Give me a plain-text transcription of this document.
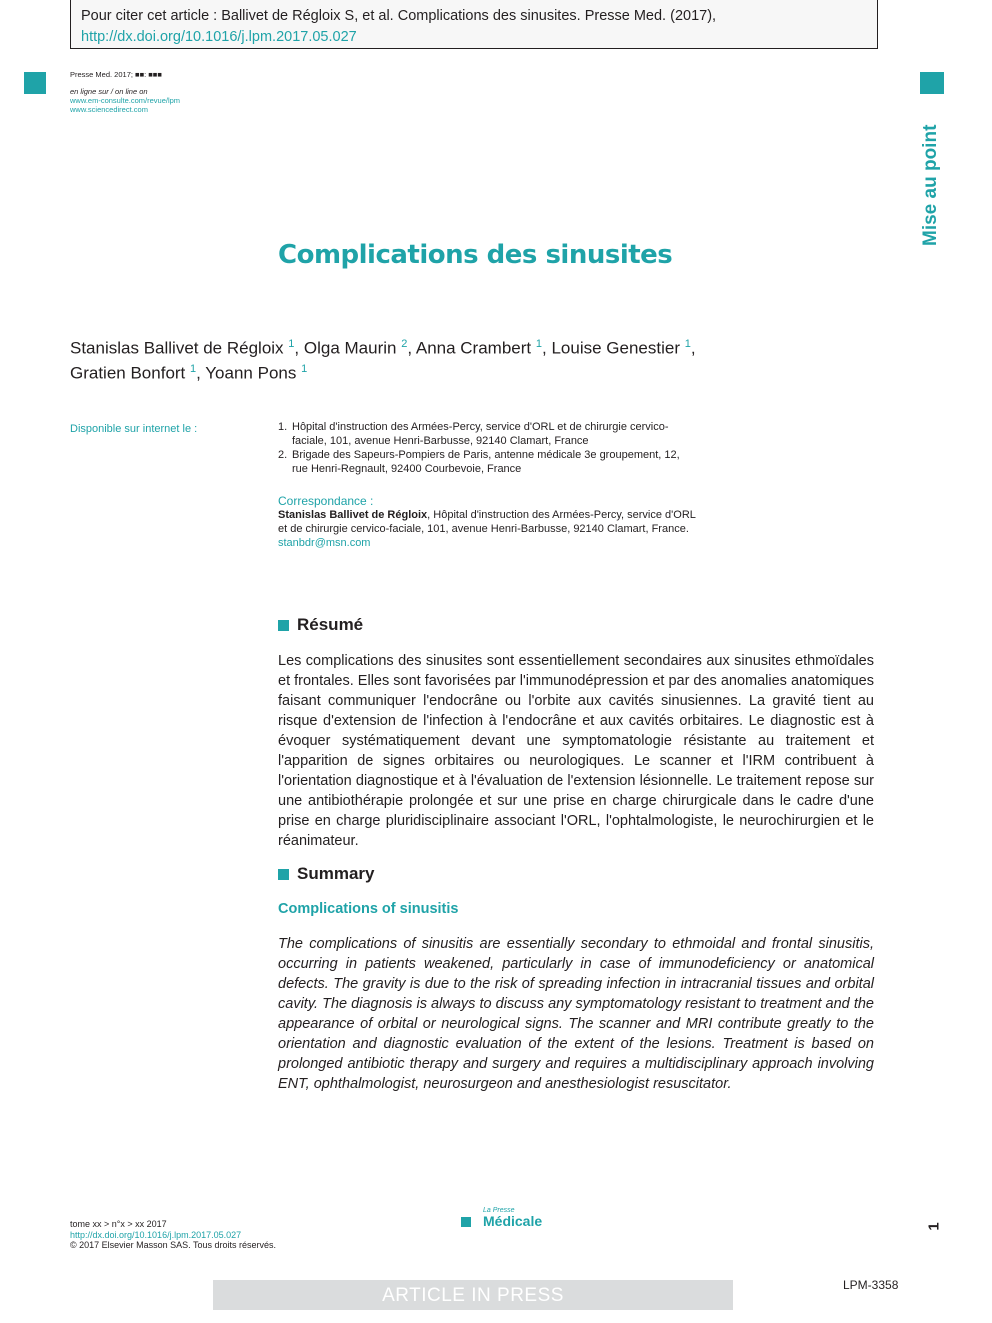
Pour citer cet article : Ballivet de Régloix S, et al. Complications des sinusites. Presse Med. (2017), http://dx.doi.org/10.1016/j.lpm.2017.05.027
Presse Med. 2017; ■■: ■■■
en ligne sur / on line on
www.em-consulte.com/revue/lpm
www.sciencedirect.com
Mise au point
Complications des sinusites
Stanislas Ballivet de Régloix $^1$, Olga Maurin $^2$, Anna Crambert $^1$, Louise Genestier $^1$,
Gratien Bonfort $^1$, Yoann Pons $^1$
Disponible sur internet le :	1. Hôpital d'instruction des Armées-Percy, service d'ORL et de chirurgie cervico-faciale, 101, avenue Henri-Barbusse, 92140 Clamart, France
2. Brigade des Sapeurs-Pompiers de Paris, antenne médicale 3e groupement, 12, rue Henri-Regnault, 92400 Courbevoie, France
Correspondance :
Stanislas Ballivet de Régloix, Hôpital d'instruction des Armées-Percy, service d'ORL et de chirurgie cervico-faciale, 101, avenue Henri-Barbusse, 92140 Clamart, France.
stanbdr@msn.com
Résumé
Les complications des sinusites sont essentiellement secondaires aux sinusites ethmoïdales et frontales. Elles sont favorisées par l'immunodépression et par des anomalies anatomiques faisant communiquer l'endocrâne ou l'orbite aux cavités sinusiennes. La gravité tient au risque d'extension de l'infection à l'endocrâne et aux cavités orbitaires. Le diagnostic est à évoquer systématiquement devant une symptomatologie résistante au traitement et l'apparition de signes orbitaires ou neurologiques. Le scanner et l'IRM contribuent à l'orientation diagnostique et à l'évaluation de l'extension lésionnelle. Le traitement repose sur une antibiothérapie prolongée et sur une prise en charge chirurgicale dans le cadre d'une prise en charge pluridisciplinaire associant l'ORL, l'ophtalmologiste, le neurochirurgien et le réanimateur.
Summary
Complications of sinusitis
The complications of sinusitis are essentially secondary to ethmoidal and frontal sinusitis, occurring in patients weakened, particularly in case of immunodeficiency or anatomical defects. The gravity is due to the risk of spreading infection in intracranial tissues and orbital cavity. The diagnosis is always to discuss any symptomatology resistant to treatment and the appearance of orbital or neurological signs. The scanner and MRI contribute greatly to the orientation and diagnostic evaluation of the extent of the lesions. Treatment is based on prolonged antibiotic therapy and surgery and requires a multidisciplinary approach involving ENT, ophthalmologist, neurosurgeon and anesthesiologist resuscitator.
tome xx > n°x > xx 2017
http://dx.doi.org/10.1016/j.lpm.2017.05.027
© 2017 Elsevier Masson SAS. Tous droits réservés.
La Presse
Médicale	1
ARTICLE IN PRESS	LPM-3358
